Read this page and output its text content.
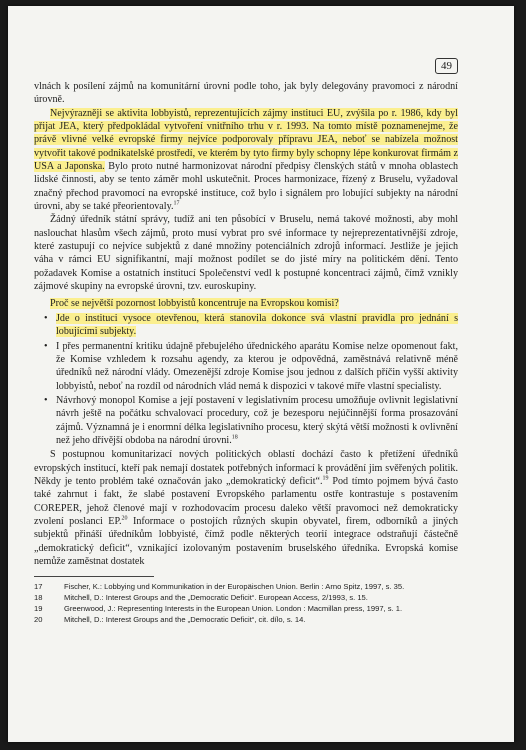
49

vlnách k posílení zájmů na komunitární úrovni podle toho, jak byly delegovány pravomoci z národní úrovně.

Nejvýrazněji se aktivita lobbyistů, reprezentujících zájmy instituci EU, zvýšila po r. 1986, kdy byl přijat JEA, který předpokládal vytvoření vnitřního trhu v r. 1993. Na tomto místě poznamenejme, že právě vlivné velké evropské firmy nejvíce podporovaly přípravu JEA, neboť se nabízela možnost vytvořit takové podnikatelské prostředí, ve kterém by tyto firmy byly schopny lépe konkurovat firmám z USA a Japonska. Bylo proto nutné harmonizovat národní předpisy členských států v mnoha oblastech lidské činnosti, aby se tento záměr mohl uskutečnit. Proces harmonizace, řízený z Bruselu, vyžadoval značný přechod pravomocí na evropské instituce, což bylo i signálem pro lobující subjekty na národní úrovni, aby se také přeorientovaly.$^{17}$

Žádný úředník státní správy, tudíž ani ten působící v Bruselu, nemá takové možnosti, aby mohl naslouchat hlasům všech zájmů, proto musí vybrat pro své informace ty nejreprezentativnější zdroje, které zastupují co nejvíce subjektů z dané množiny potenciálních zdrojů informací. Jestliže je jejich váha v rámci EU signifikantní, mají možnost podílet se do jisté míry na politickém dění. Tento požadavek Komise a ostatních institucí Společenství vedl k postupné koncentraci zájmů, čímž vznikly zájmové skupiny na evropské úrovni, tzv. euroskupiny.

Proč se největší pozornost lobbyistů koncentruje na Evropskou komisi?

• Jde o instituci vysoce otevřenou, která stanovila dokonce svá vlastní pravidla pro jednání s lobujícími subjekty.
• I přes permanentní kritiku údajně přebujelého úřednického aparátu Komise nelze opomenout fakt, že Komise vzhledem k rozsahu agendy, za kterou je odpovědná, zaměstnává relativně méně úředníků než národní vlády. Omezenější zdroje Komise jsou jednou z dalších příčin vyšší aktivity lobbyistů, neboť na rozdíl od národních vlád nemá k dispozici v takové míře vlastní specialisty.
• Návrhový monopol Komise a její postavení v legislativním procesu umožňuje ovlivnit legislativní návrh ještě na počátku schvalovací procedury, což je bezesporu nejúčinnější forma prosazování zájmů. Významná je i enormní délka legislativního procesu, který skýtá větší možnosti k ovlivnění než jeho dřívější obdoba na národní úrovni.$^{18}$

S postupnou komunitarizací nových politických oblastí dochází často k přetížení úředníků evropských institucí, kteří pak nemají dostatek potřebných informací k provádění jim svěřených politik. Někdy je tento problém také označován jako „demokratický deficit“.$^{19}$ Pod tímto pojmem bývá často také zahrnut i fakt, že slabé postavení Evropského parlamentu ostře kontrastuje s postavením COREPER, jehož členové mají v rozhodovacím procesu daleko větší pravomoci než demokraticky zvolení poslanci EP.$^{20}$ Informace o postojích různých skupin obyvatel, firem, odborníků a jiných subjektů přináší úředníkům lobbyisté, čímž podle některých teorií integrace odstraňují částečně „demokratický deficit“, vznikající izolovaným postavením bruselského úředníka. Evropská komise nemůže zaměstnat dostatek

17	Fischer, K.: Lobbying und Kommunikation in der Europäischen Union. Berlin : Arno Spitz, 1997, s. 35.
18	Mitchell, D.: Interest Groups and the „Democratic Deficit“. European Access, 2/1993, s. 15.
19	Greenwood, J.: Representing Interests in the European Union. London : Macmillan press, 1997, s. 1.
20	Mitchell, D.: Interest Groups and the „Democratic Deficit“, cit. dílo, s. 14.
